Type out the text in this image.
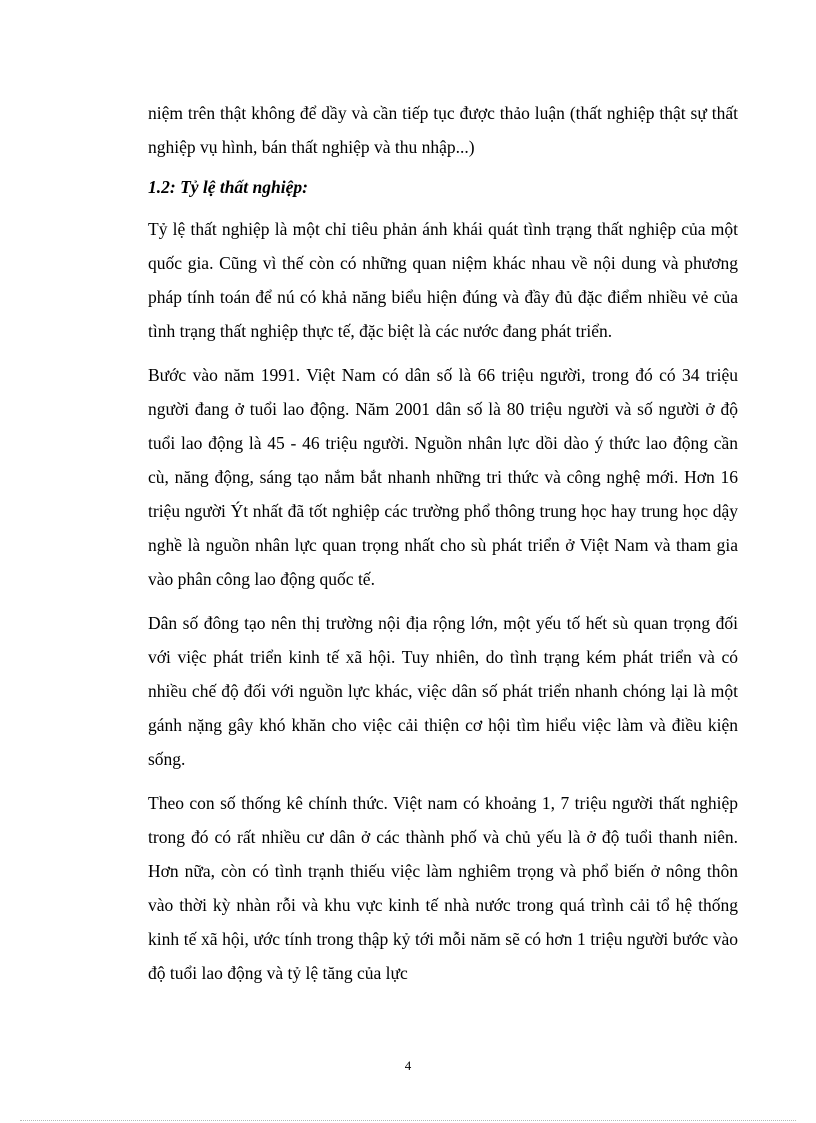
niệm trên thật không để dầy và cần tiếp tục được thảo luận (thất nghiệp thật sự thất nghiệp vụ hình, bán thất nghiệp và thu nhập...)

1.2: Tỷ lệ thất nghiệp:

Tỷ lệ thất nghiệp là một chỉ tiêu phản ánh khái quát tình trạng thất nghiệp của một quốc gia. Cũng vì thế còn có những quan niệm khác nhau về nội dung và phương pháp tính toán để nú có khả năng biểu hiện đúng và đầy đủ đặc điểm nhiều vẻ của tình trạng thất nghiệp thực tế, đặc biệt là các nước đang phát triển.

Bước vào năm 1991. Việt Nam có dân số là 66 triệu người, trong đó có 34 triệu người đang ở tuổi lao động. Năm 2001 dân số là 80 triệu người và số người ở độ tuổi lao động là 45 - 46 triệu người. Nguồn nhân lực dồi dào ý thức lao động cần cù, năng động, sáng tạo nắm bắt nhanh những tri thức và công nghệ mới. Hơn 16 triệu người Ýt nhất đã tốt nghiệp các trường phổ thông trung học hay trung học dậy nghề là nguồn nhân lực quan trọng nhất cho sù phát triển ở Việt Nam và tham gia vào phân công lao động quốc tế.

Dân số đông tạo nên thị trường nội địa rộng lớn, một yếu tố hết sù quan trọng đối với việc phát triển kinh tế xã hội. Tuy nhiên, do tình trạng kém phát triển và có nhiều chế độ đối với nguồn lực khác, việc dân số phát triển nhanh chóng lại là một gánh nặng gây khó khăn cho việc cải thiện cơ hội tìm hiểu việc làm và điều kiện sống.

Theo con số thống kê chính thức. Việt nam có khoảng 1, 7 triệu người thất nghiệp trong đó có rất nhiều cư dân ở các thành phố và chủ yếu là ở độ tuổi thanh niên. Hơn nữa, còn có tình trạnh thiếu việc làm nghiêm trọng và phổ biến ở nông thôn vào thời kỳ nhàn rỗi và khu vực kinh tế nhà nước trong quá trình cải tổ hệ thống kinh tế xã hội, ước tính trong thập kỷ tới mỗi năm sẽ có hơn 1 triệu người bước vào độ tuổi lao động và tỷ lệ tăng của lực

4
